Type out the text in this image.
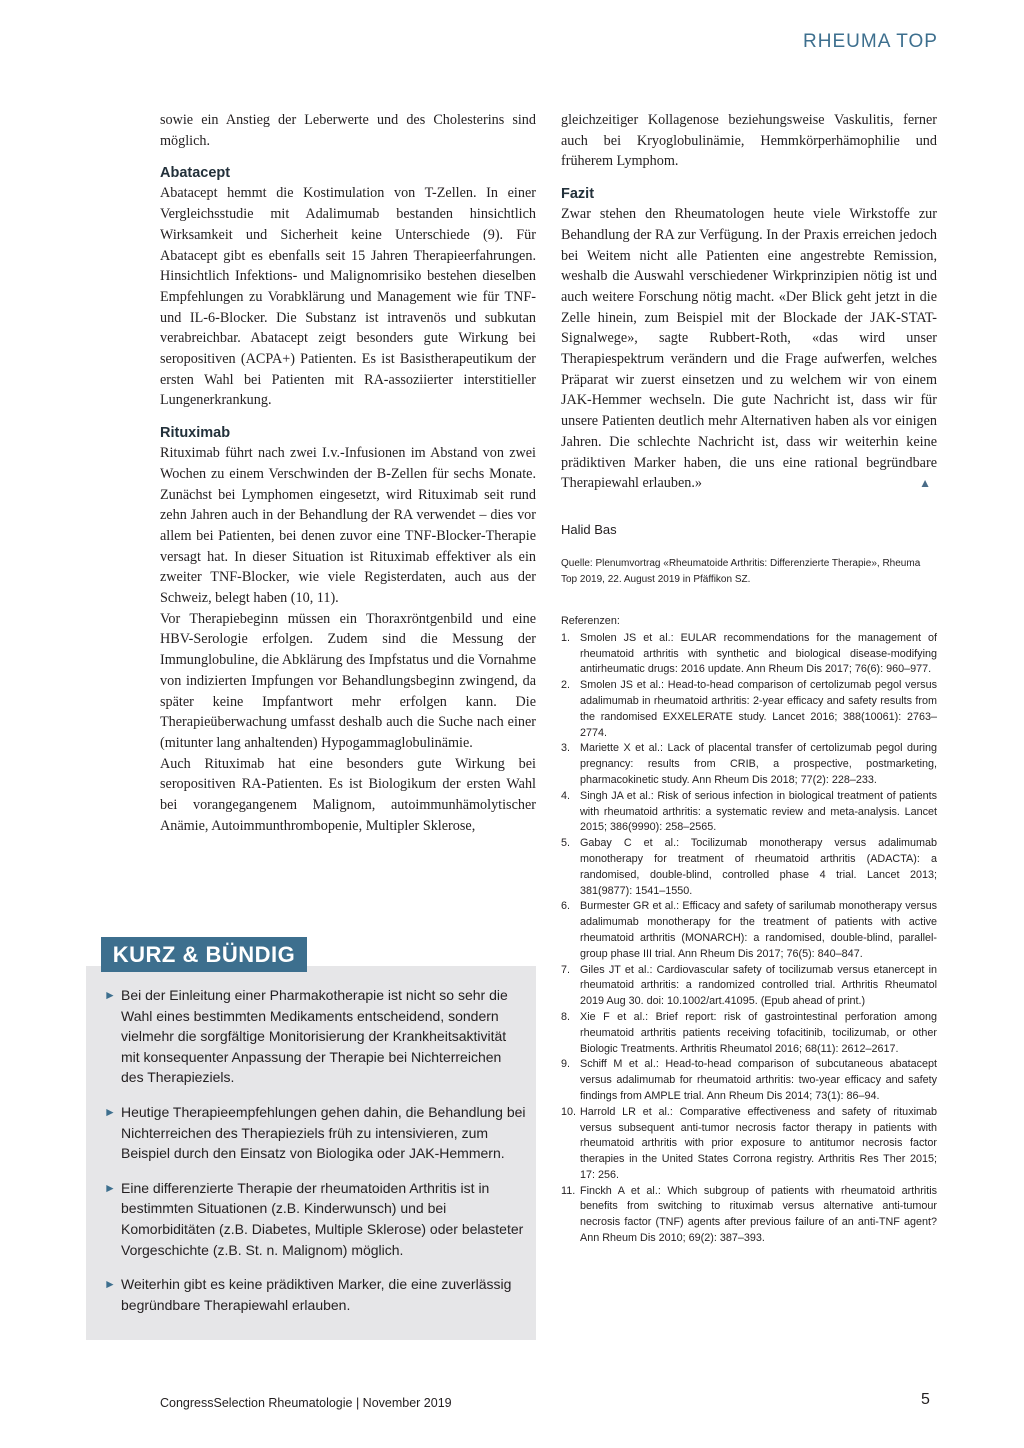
RHEUMA TOP

sowie ein Anstieg der Leberwerte und des Cholesterins sind möglich.

Abatacept

Abatacept hemmt die Kostimulation von T-Zellen. In einer Vergleichsstudie mit Adalimumab bestanden hinsichtlich Wirksamkeit und Sicherheit keine Unterschiede (9). Für Abatacept gibt es ebenfalls seit 15 Jahren Therapieerfahrungen. Hinsichtlich Infektions- und Malignomrisiko bestehen dieselben Empfehlungen zu Vorabklärung und Management wie für TNF- und IL-6-Blocker. Die Substanz ist intravenös und subkutan verabreichbar. Abatacept zeigt besonders gute Wirkung bei seropositiven (ACPA+) Patienten. Es ist Basistherapeutikum der ersten Wahl bei Patienten mit RA-assoziierter interstitieller Lungenerkrankung.

Rituximab

Rituximab führt nach zwei I.v.-Infusionen im Abstand von zwei Wochen zu einem Verschwinden der B-Zellen für sechs Monate. Zunächst bei Lymphomen eingesetzt, wird Rituximab seit rund zehn Jahren auch in der Behandlung der RA verwendet – dies vor allem bei Patienten, bei denen zuvor eine TNF-Blocker-Therapie versagt hat. In dieser Situation ist Rituximab effektiver als ein zweiter TNF-Blocker, wie viele Registerdaten, auch aus der Schweiz, belegt haben (10, 11).

Vor Therapiebeginn müssen ein Thoraxröntgenbild und eine HBV-Serologie erfolgen. Zudem sind die Messung der Immunglobuline, die Abklärung des Impfstatus und die Vornahme von indizierten Impfungen vor Behandlungsbeginn zwingend, da später keine Impfantwort mehr erfolgen kann. Die Therapieüberwachung umfasst deshalb auch die Suche nach einer (mitunter lang anhaltenden) Hypogammaglobulinämie.

Auch Rituximab hat eine besonders gute Wirkung bei seropositiven RA-Patienten. Es ist Biologikum der ersten Wahl bei vorangegangenem Malignom, autoimmunhämolytischer Anämie, Autoimmunthrombopenie, Multipler Sklerose,

gleichzeitiger Kollagenose beziehungsweise Vaskulitis, ferner auch bei Kryoglobulinämie, Hemmkörperhämophilie und früherem Lymphom.

Fazit

Zwar stehen den Rheumatologen heute viele Wirkstoffe zur Behandlung der RA zur Verfügung. In der Praxis erreichen jedoch bei Weitem nicht alle Patienten eine angestrebte Remission, weshalb die Auswahl verschiedener Wirkprinzipien nötig ist und auch weitere Forschung nötig macht. «Der Blick geht jetzt in die Zelle hinein, zum Beispiel mit der Blockade der JAK-STAT-Signalwege», sagte Rubbert-Roth, «das wird unser Therapiespektrum verändern und die Frage aufwerfen, welches Präparat wir zuerst einsetzen und zu welchem wir von einem JAK-Hemmer wechseln. Die gute Nachricht ist, dass wir für unsere Patienten deutlich mehr Alternativen haben als vor einigen Jahren. Die schlechte Nachricht ist, dass wir weiterhin keine prädiktiven Marker haben, die uns eine rational begründbare Therapiewahl erlauben.»	▲

Halid Bas
Quelle: Plenumvortrag «Rheumatoide Arthritis: Differenzierte Therapie», Rheuma Top 2019, 22. August 2019 in Pfäffikon SZ.

Referenzen:

1. Smolen JS et al.: EULAR recommendations for the management of rheumatoid arthritis with synthetic and biological disease-modifying antirheumatic drugs: 2016 update. Ann Rheum Dis 2017; 76(6): 960–977.

2. Smolen JS et al.: Head-to-head comparison of certolizumab pegol versus adalimumab in rheumatoid arthritis: 2-year efficacy and safety results from the randomised EXXELERATE study. Lancet 2016; 388(10061): 2763–2774.

3. Mariette X et al.: Lack of placental transfer of certolizumab pegol during pregnancy: results from CRIB, a prospective, postmarketing, pharmacokinetic study. Ann Rheum Dis 2018; 77(2): 228–233.

4. Singh JA et al.: Risk of serious infection in biological treatment of patients with rheumatoid arthritis: a systematic review and meta-analysis. Lancet 2015; 386(9990): 258–2565.

5. Gabay C et al.: Tocilizumab monotherapy versus adalimumab monotherapy for treatment of rheumatoid arthritis (ADACTA): a randomised, double-blind, controlled phase 4 trial. Lancet 2013; 381(9877): 1541–1550.

6. Burmester GR et al.: Efficacy and safety of sarilumab monotherapy versus adalimumab monotherapy for the treatment of patients with active rheumatoid arthritis (MONARCH): a randomised, double-blind, parallel-group phase III trial. Ann Rheum Dis 2017; 76(5): 840–847.

7. Giles JT et al.: Cardiovascular safety of tocilizumab versus etanercept in rheumatoid arthritis: a randomized controlled trial. Arthritis Rheumatol 2019 Aug 30. doi: 10.1002/art.41095. (Epub ahead of print.)

8. Xie F et al.: Brief report: risk of gastrointestinal perforation among rheumatoid arthritis patients receiving tofacitinib, tocilizumab, or other Biologic Treatments. Arthritis Rheumatol 2016; 68(11): 2612–2617.

9. Schiff M et al.: Head-to-head comparison of subcutaneous abatacept versus adalimumab for rheumatoid arthritis: two-year efficacy and safety findings from AMPLE trial. Ann Rheum Dis 2014; 73(1): 86–94.

10. Harrold LR et al.: Comparative effectiveness and safety of rituximab versus subsequent anti-tumor necrosis factor therapy in patients with rheumatoid arthritis with prior exposure to antitumor necrosis factor therapies in the United States Corrona registry. Arthritis Res Ther 2015; 17: 256.

11. Finckh A et al.: Which subgroup of patients with rheumatoid arthritis benefits from switching to rituximab versus alternative anti-tumour necrosis factor (TNF) agents after previous failure of an anti-TNF agent? Ann Rheum Dis 2010; 69(2): 387–393.

KURZ & BÜNDIG
► Bei der Einleitung einer Pharmakotherapie ist nicht so sehr die Wahl eines bestimmten Medikaments entscheidend, sondern vielmehr die sorgfältige Monitorisierung der Krankheitsaktivität mit konsequenter Anpassung der Therapie bei Nichterreichen des Therapieziels.
► Heutige Therapieempfehlungen gehen dahin, die Behandlung bei Nichterreichen des Therapieziels früh zu intensivieren, zum Beispiel durch den Einsatz von Biologika oder JAK-Hemmern.
► Eine differenzierte Therapie der rheumatoiden Arthritis ist in bestimmten Situationen (z.B. Kinderwunsch) und bei Komorbiditäten (z.B. Diabetes, Multiple Sklerose) oder belasteter Vorgeschichte (z.B. St. n. Malignom) möglich.
► Weiterhin gibt es keine prädiktiven Marker, die eine zuverlässig begründbare Therapiewahl erlauben.
CongressSelection Rheumatologie | November 2019	5
